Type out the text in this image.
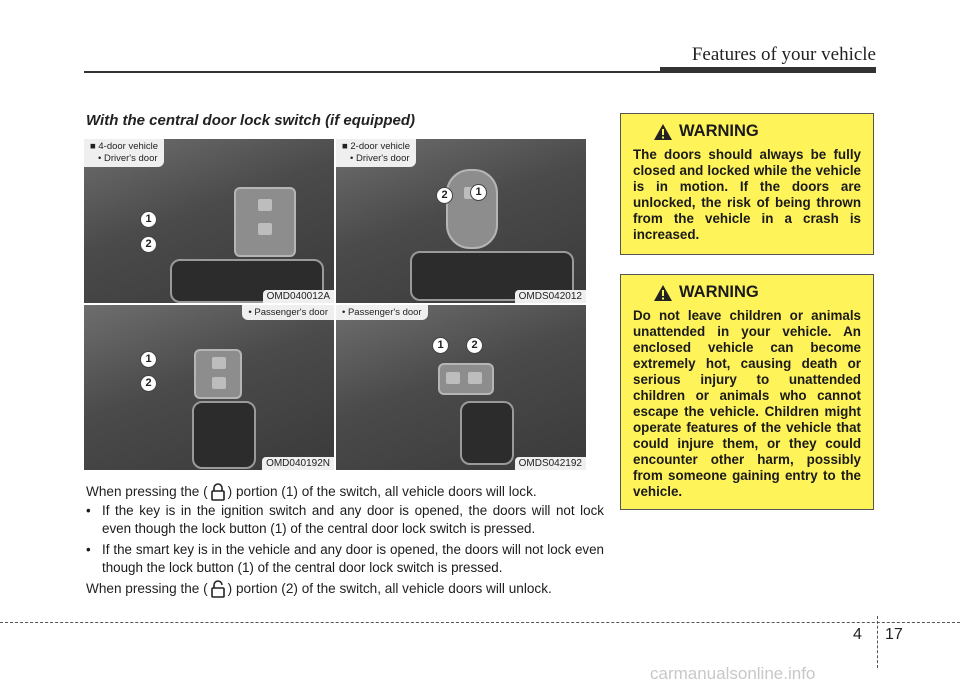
Features of your vehicle
With the central door lock switch (if equipped)
1
2
■ 4-door vehicle
• Driver's door
OMD040012A
2	1
■ 2-door vehicle
• Driver's door
OMDS042012
1
2
• Passenger's door
OMD040192N
1	2
• Passenger's door
OMDS042192
When pressing the ( ) portion (1) of the switch, all vehicle doors will lock.
• If the key is in the ignition switch and any door is opened, the doors will not lock even though the lock button (1) of the central door lock switch is pressed.
• If the smart key is in the vehicle and any door is opened, the doors will not lock even though the lock button (1) of the central door lock switch is pressed.
When pressing the ( ) portion (2) of the switch, all vehicle doors will unlock.
WARNING
The doors should always be fully closed and locked while the vehicle is in motion. If the doors are unlocked, the risk of being thrown from the vehicle in a crash is increased.
WARNING
Do not leave children or animals unattended in your vehicle. An enclosed vehicle can become extremely hot, causing death or serious injury to unattended children or animals who cannot escape the vehicle. Children might operate features of the vehicle that could injure them, or they could encounter other harm, possibly from someone gaining entry to the vehicle.
4 17
carmanualsonline.info
